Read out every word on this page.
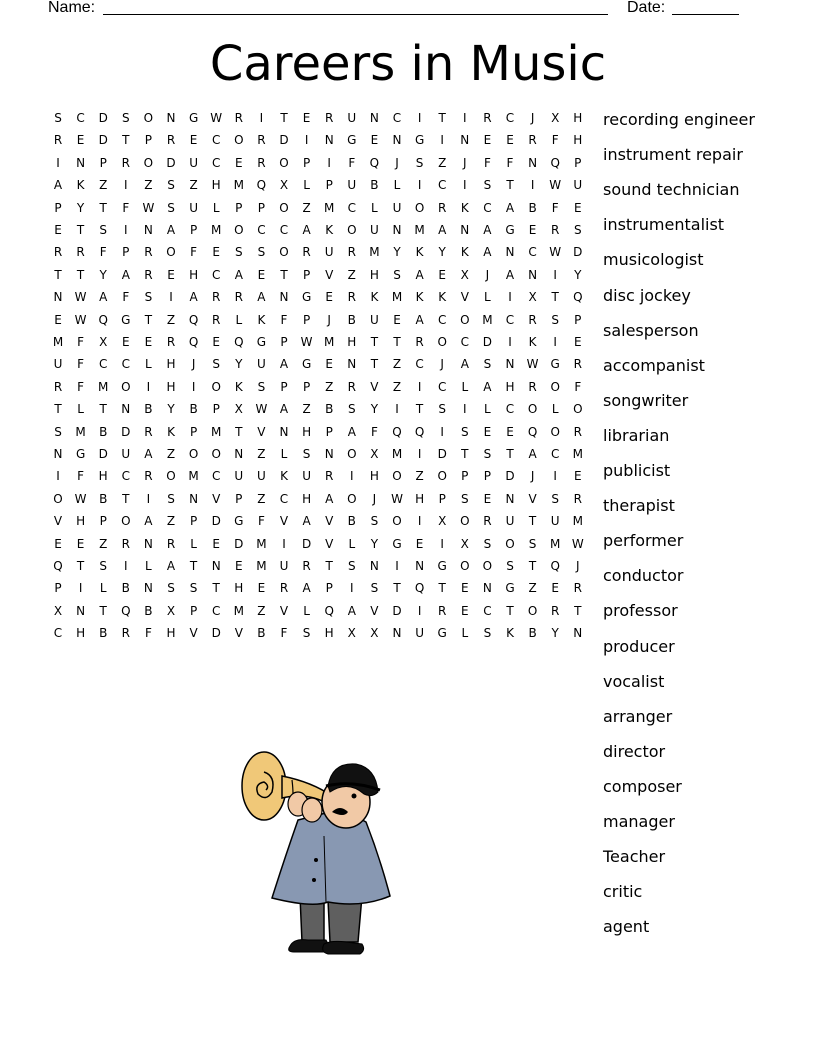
Name:	Date:
Careers in Music
S	C	D	S	O	N	G	W	R	I	T	E	R	U	N	C	I	T	I	R	C	J	X	H
R	E	D	T	P	R	E	C	O	R	D	I	N	G	E	N	G	I	N	E	E	R	F	H
I	N	P	R	O	D	U	C	E	R	O	P	I	F	Q	J	S	Z	J	F	F	N	Q	P
A	K	Z	I	Z	S	Z	H	M	Q	X	L	P	U	B	L	I	C	I	S	T	I	W	U
P	Y	T	F	W	S	U	L	P	P	O	Z	M	C	L	U	O	R	K	C	A	B	F	E
E	T	S	I	N	A	P	M	O	C	C	A	K	O	U	N	M	A	N	A	G	E	R	S
R	R	F	P	R	O	F	E	S	S	O	R	U	R	M	Y	K	Y	K	A	N	C	W	D
T	T	Y	A	R	E	H	C	A	E	T	P	V	Z	H	S	A	E	X	J	A	N	I	Y
N	W	A	F	S	I	A	R	R	A	N	G	E	R	K	M	K	K	V	L	I	X	T	Q
E	W Q	G	T	Z	Q	R	L	K	F	P	J	B	U	E	A	C	O	M	C	R	S	P
M	F	X	E	E	R	Q	E	Q	G	P	W M	H	T	T	R	O	C	D	I	K	I	E
U	F	C	C	L	H	J	S	Y	U	A	G	E	N	T	Z	C	J	A	S	N	W	G	R
R	F	M	O	I	H	I	O	K	S	P	P	Z	R	V	Z	I	C	L	A	H	R	O	F
T	L	T	N	B	Y	B	P	X	W	A	Z	B	S	Y	I	T	S	I	L	C	O	L	O
S	M	B	D	R	K	P	M	T	V	N	H	P	A	F	Q	Q	I	S	E	E	Q	O	R
N	G	D	U	A	Z	O	O	N	Z	L	S	N	O	X	M	I	D	T	S	T	A	C	M
I	F	H	C	R	O	M	C	U	U	K	U	R	I	H	O	Z	O	P	P	D	J	I	E
O W	B	T	I	S	N	V	P	Z	C	H	A	O	J	W	H	P	S	E	N	V	S	R
V	H	P	O	A	Z	P	D	G	F	V	A	V	B	S	O	I	X	O	R	U	T	U	M
E	E	Z	R	N	R	L	E	D	M	I	D	V	L	Y	G	E	I	X	S	O	S	M W
Q	T	S	I	L	A	T	N	E	M	U	R	T	S	N	I	N	G	O	O	S	T	Q	J
P	I	L	B	N	S	S	T	H	E	R	A	P	I	S	T	Q	T	E	N	G	Z	E	R
X	N	T	Q	B	X	P	C	M	Z	V	L	Q	A	V	D	I	R	E	C	T	O	R	T
C	H	B	R	F	H	V	D	V	B	F	S	H	X	X	N	U	G	L	S	K	B	Y	N
recording engineer
instrument repair
sound technician
instrumentalist
musicologist
disc jockey
salesperson
accompanist
songwriter
librarian
publicist
therapist
performer
conductor
professor
producer
vocalist
arranger
director
composer
manager
Teacher
critic
agent
